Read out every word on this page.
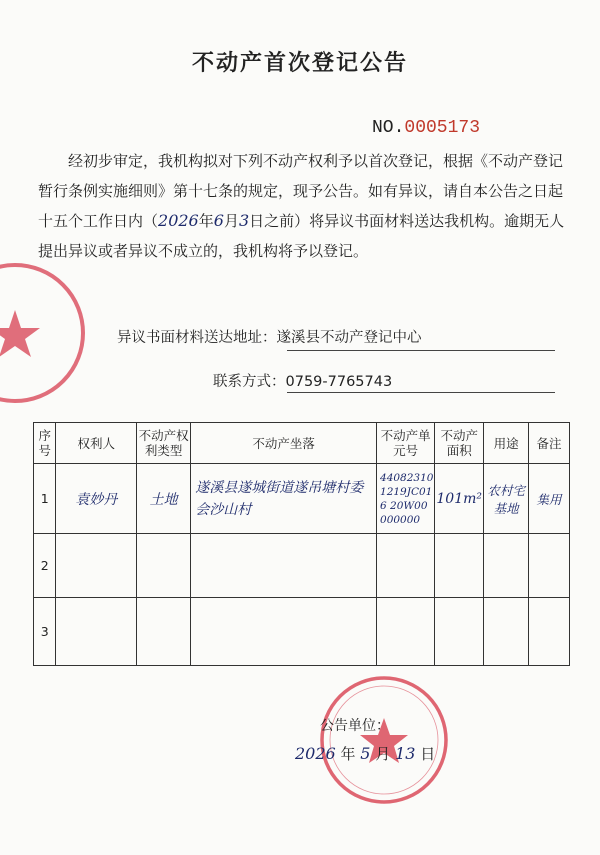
不动产首次登记公告
NO.0005173
经初步审定，我机构拟对下列不动产权利予以首次登记，根据《不动产登记暂行条例实施细则》第十七条的规定，现予公告。如有异议，请自本公告之日起十五个工作日内（2026年6月3日之前）将异议书面材料送达我机构。逾期无人提出异议或者异议不成立的，我机构将予以登记。
异议书面材料送达地址：遂溪县不动产登记中心
联系方式：0759-7765743
序号	权利人	不动产权利类型	不动产坐落	不动产单元号	不动产面积	用途	备注
1	袁妙丹	土地	遂溪县遂城街道遂吊塘村委会沙山村	440823101219JC016 20W00000000	101m²	农村宅基地	集用
2							
3							
公告单位：
2026 年 5 月 13 日
